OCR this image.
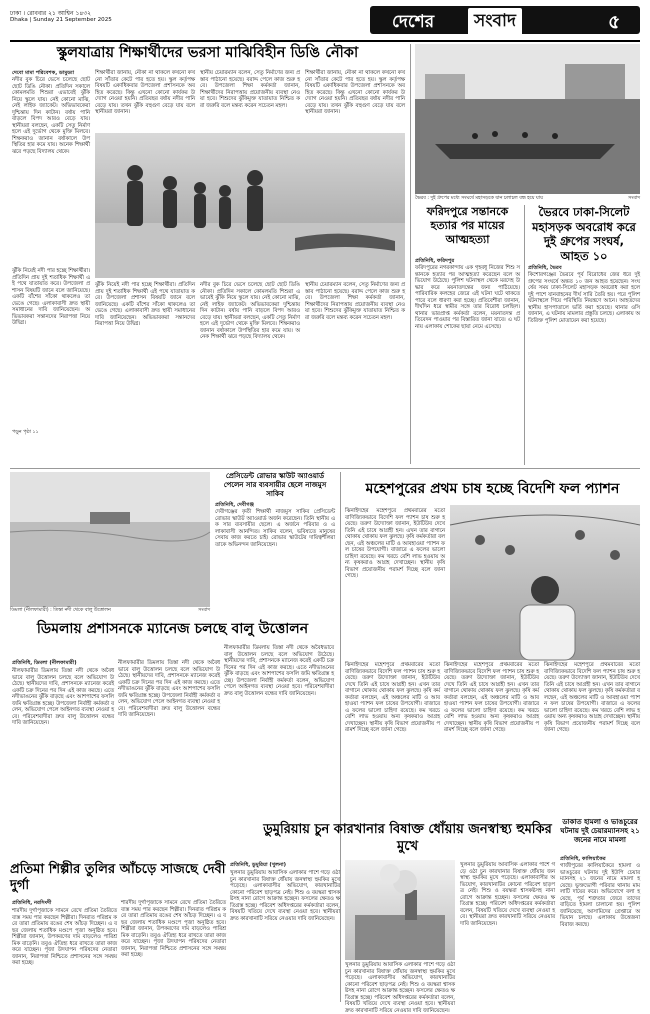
ঢাকা । রোববার ২১ আশ্বিন ১৪৩২
Dhaka | Sunday 21 September 2025	দেশের	সংবাদ	৫
স্কুলযাত্রায় শিক্ষার্থীদের ভরসা মাঝিবিহীন ডিঙি নৌকা
দেবো মামা পরিবেশক, ডামুড্যা
নদীর বুক চিরে ভেসে চলেছে ছোট ছোট ডিঙি নৌকা। প্রতিদিন সকালে কোমলমতি শিশুরা এভাবেই ঝুঁকি নিয়ে স্কুলে যায়। নেই কোনো মাঝি, নেই লাইফ জ্যাকেট। অভিভাবকেরা দুশ্চিন্তায় দিন কাটান। বর্ষায় পানি বাড়লে বিপদ আরও বেড়ে যায়। স্থানীয়রা বলছেন, একটি সেতু নির্মাণ হলে এই দুর্ভোগ থেকে মুক্তি মিলবে। শিক্ষকরাও জানান বর্ষাকালে উপস্থিতির হার কমে যায়। অনেক শিক্ষার্থী ঝরে পড়ছে বিদ্যালয় থেকে।
ঝুঁকি নিয়েই নদী পার হচ্ছে শিক্ষার্থীরা। প্রতিদিন প্রায় দুই শতাধিক শিক্ষার্থী এই পথে যাতায়াত করে। উপজেলা প্রশাসন বিষয়টি জানে বলে জানিয়েছে। একটি বাঁশের সাঁকো থাকলেও তা ভেঙে গেছে। এলাকাবাসী দ্রুত স্থায়ী সমাধানের দাবি জানিয়েছেন। অভিভাবকরা সন্তানদের নিরাপত্তা নিয়ে উদ্বিগ্ন।
শিক্ষার্থীরা জানায়, নৌকা না থাকলে কখনো কখনো সাঁতার কেটে পার হতে হয়। স্কুল কর্তৃপক্ষ বিষয়টি একাধিকবার উপজেলা প্রশাসনকে অবহিত করেছে। কিন্তু এখনো কোনো কার্যকর উদ্যোগ নেওয়া হয়নি। প্রতিবছর বর্ষায় নদীর পানি বেড়ে যায়। তখন ঝুঁকি বহুগুণ বেড়ে যায় বলে স্থানীয়রা জানান।
স্থানীয় চেয়ারম্যান বলেন, সেতু নির্মাণের জন্য প্রস্তাব পাঠানো হয়েছে। বরাদ্দ পেলে কাজ শুরু হবে। উপজেলা শিক্ষা কর্মকর্তা জানান, শিক্ষার্থীদের নিরাপত্তায় প্রয়োজনীয় ব্যবস্থা নেওয়া হবে। শিশুদের ঝুঁকিমুক্ত যাতায়াত নিশ্চিত করা জরুরি বলে মন্তব্য করেন সচেতন মহল।
শিক্ষার্থীরা জানায়, নৌকা না থাকলে কখনো কখনো সাঁতার কেটে পার হতে হয়। স্কুল কর্তৃপক্ষ বিষয়টি একাধিকবার উপজেলা প্রশাসনকে অবহিত করেছে। কিন্তু এখনো কোনো কার্যকর উদ্যোগ নেওয়া হয়নি। প্রতিবছর বর্ষায় নদীর পানি বেড়ে যায়। তখন ঝুঁকি বহুগুণ বেড়ে যায় বলে স্থানীয়রা জানান।
ঝুঁকি নিয়েই নদী পার হচ্ছে শিক্ষার্থীরা। প্রতিদিন প্রায় দুই শতাধিক শিক্ষার্থী এই পথে যাতায়াত করে। উপজেলা প্রশাসন বিষয়টি জানে বলে জানিয়েছে। একটি বাঁশের সাঁকো থাকলেও তা ভেঙে গেছে। এলাকাবাসী দ্রুত স্থায়ী সমাধানের দাবি জানিয়েছেন। অভিভাবকরা সন্তানদের নিরাপত্তা নিয়ে উদ্বিগ্ন।
নদীর বুক চিরে ভেসে চলেছে ছোট ছোট ডিঙি নৌকা। প্রতিদিন সকালে কোমলমতি শিশুরা এভাবেই ঝুঁকি নিয়ে স্কুলে যায়। নেই কোনো মাঝি, নেই লাইফ জ্যাকেট। অভিভাবকেরা দুশ্চিন্তায় দিন কাটান। বর্ষায় পানি বাড়লে বিপদ আরও বেড়ে যায়। স্থানীয়রা বলছেন, একটি সেতু নির্মাণ হলে এই দুর্ভোগ থেকে মুক্তি মিলবে। শিক্ষকরাও জানান বর্ষাকালে উপস্থিতির হার কমে যায়। অনেক শিক্ষার্থী ঝরে পড়ছে বিদ্যালয় থেকে।
স্থানীয় চেয়ারম্যান বলেন, সেতু নির্মাণের জন্য প্রস্তাব পাঠানো হয়েছে। বরাদ্দ পেলে কাজ শুরু হবে। উপজেলা শিক্ষা কর্মকর্তা জানান, শিক্ষার্থীদের নিরাপত্তায় প্রয়োজনীয় ব্যবস্থা নেওয়া হবে। শিশুদের ঝুঁকিমুক্ত যাতায়াত নিশ্চিত করা জরুরি বলে মন্তব্য করেন সচেতন মহল।
পড়ুন পৃষ্ঠা ১১
ভৈরব : দুই গ্রুপের মধ্যে সংঘর্ষে মহাসড়কে যান চলাচল বন্ধ হয়ে যায়	সংবাদ
ফরিদপুরে সন্তানকে হত্যার পর মায়ের আত্মহত্যা
প্রতিনিধি, ফরিদপুর
ফরিদপুরের নগরকান্দায় এক গৃহবধূ নিজের শিশু সন্তানকে হত্যার পর আত্মহত্যা করেছেন বলে অভিযোগ উঠেছে। পুলিশ ঘটনাস্থল থেকে মরদেহ উদ্ধার করে ময়নাতদন্তের জন্য পাঠিয়েছে। পারিবারিক কলহের জেরে এই ঘটনা ঘটে থাকতে পারে বলে ধারণা করা হচ্ছে। প্রতিবেশীরা জানান, দীর্ঘদিন ধরে স্বামীর সঙ্গে তার বিরোধ চলছিল। থানার ভারপ্রাপ্ত কর্মকর্তা বলেন, ময়নাতদন্ত প্রতিবেদন পাওয়ার পর বিস্তারিত জানা যাবে। এ ঘটনায় এলাকায় শোকের ছায়া নেমে এসেছে।
ভৈরবে ঢাকা-সিলেট মহাসড়ক অবরোধ করে দুই গ্রুপের সংঘর্ষ, আহত ১০
প্রতিনিধি, ভৈরব
কিশোরগঞ্জের ভৈরবে পূর্ব বিরোধের জের ধরে দুই গ্রুপের সংঘর্ষে অন্তত ১০ জন আহত হয়েছেন। সংঘর্ষের সময় ঢাকা-সিলেট মহাসড়ক অবরোধ করা হলে দুই পাশে যানবাহনের দীর্ঘ সারি তৈরি হয়। পরে পুলিশ ঘটনাস্থলে গিয়ে পরিস্থিতি নিয়ন্ত্রণে আনে। আহতদের স্থানীয় হাসপাতালে ভর্তি করা হয়েছে। থানার ওসি জানান, এ ঘটনায় মামলার প্রস্তুতি চলছে। এলাকায় অতিরিক্ত পুলিশ মোতায়েন করা হয়েছে।
প্রেসিডেন্ট রোভার স্কাউট অ্যাওয়ার্ড পেলেন সার ব্যবসায়ীর ছেলে নাজমুস সাকিব
প্রতিনিধি, দেবীগঞ্জ
দেবীগঞ্জের কৃতী শিক্ষার্থী নাজমুস সাকিব প্রেসিডেন্ট রোভার স্কাউট অ্যাওয়ার্ড অর্জন করেছেন। তিনি স্থানীয় এক সার ব্যবসায়ীর ছেলে। এ অর্জনে পরিবার ও এলাকাবাসী আনন্দিত। সাকিব বলেন, ভবিষ্যতে মানুষের সেবায় কাজ করতে চাই। রোভার স্কাউটের দায়িত্বশীলরা তাকে অভিনন্দন জানিয়েছেন।
ডিমলা (নীলফামারী) : তিস্তা নদী থেকে বালু উত্তোলন	সংবাদ
ডিমলায় প্রশাসনকে ম্যানেজ চলছে বালু উত্তোলন
প্রতিনিধি, ডিমলা (নীলফামারী)
নীলফামারীর ডিমলায় তিস্তা নদী থেকে অবৈধভাবে বালু উত্তোলন চলছে বলে অভিযোগ উঠেছে। স্থানীয়দের দাবি, প্রশাসনকে ম্যানেজ করেই একটি চক্র দিনের পর দিন এই কাজ করছে। এতে নদীভাঙনের ঝুঁকি বাড়ছে এবং আশপাশের ফসলি জমি ক্ষতিগ্রস্ত হচ্ছে। উপজেলা নির্বাহী কর্মকর্তা বলেন, অভিযোগ পেলে আইনগত ব্যবস্থা নেওয়া হবে। পরিবেশবাদীরা দ্রুত বালু উত্তোলন বন্ধের দাবি জানিয়েছেন।
নীলফামারীর ডিমলায় তিস্তা নদী থেকে অবৈধভাবে বালু উত্তোলন চলছে বলে অভিযোগ উঠেছে। স্থানীয়দের দাবি, প্রশাসনকে ম্যানেজ করেই একটি চক্র দিনের পর দিন এই কাজ করছে। এতে নদীভাঙনের ঝুঁকি বাড়ছে এবং আশপাশের ফসলি জমি ক্ষতিগ্রস্ত হচ্ছে। উপজেলা নির্বাহী কর্মকর্তা বলেন, অভিযোগ পেলে আইনগত ব্যবস্থা নেওয়া হবে। পরিবেশবাদীরা দ্রুত বালু উত্তোলন বন্ধের দাবি জানিয়েছেন।
নীলফামারীর ডিমলায় তিস্তা নদী থেকে অবৈধভাবে বালু উত্তোলন চলছে বলে অভিযোগ উঠেছে। স্থানীয়দের দাবি, প্রশাসনকে ম্যানেজ করেই একটি চক্র দিনের পর দিন এই কাজ করছে। এতে নদীভাঙনের ঝুঁকি বাড়ছে এবং আশপাশের ফসলি জমি ক্ষতিগ্রস্ত হচ্ছে। উপজেলা নির্বাহী কর্মকর্তা বলেন, অভিযোগ পেলে আইনগত ব্যবস্থা নেওয়া হবে। পরিবেশবাদীরা দ্রুত বালু উত্তোলন বন্ধের দাবি জানিয়েছেন।
মহেশপুরের প্রথম চাষ হচ্ছে বিদেশি ফল প্যাশন
ঝিনাইদহের মহেশপুরে প্রথমবারের মতো বাণিজ্যিকভাবে বিদেশি ফল প্যাশন চাষ শুরু হয়েছে। তরুণ উদ্যোক্তা জানান, ইউটিউব দেখে তিনি এই চাষে আগ্রহী হন। এখন তার বাগানে থোকায় থোকায় ফল ঝুলছে। কৃষি কর্মকর্তারা বলছেন, এই অঞ্চলের মাটি ও আবহাওয়া প্যাশন ফল চাষের উপযোগী। বাজারে এ ফলের ভালো চাহিদা রয়েছে। কম খরচে বেশি লাভ হওয়ায় অন্য কৃষকরাও আগ্রহ দেখাচ্ছেন। স্থানীয় কৃষি বিভাগ প্রয়োজনীয় পরামর্শ দিচ্ছে বলে জানা গেছে।
ঝিনাইদহের মহেশপুরে প্রথমবারের মতো বাণিজ্যিকভাবে বিদেশি ফল প্যাশন চাষ শুরু হয়েছে। তরুণ উদ্যোক্তা জানান, ইউটিউব দেখে তিনি এই চাষে আগ্রহী হন। এখন তার বাগানে থোকায় থোকায় ফল ঝুলছে। কৃষি কর্মকর্তারা বলছেন, এই অঞ্চলের মাটি ও আবহাওয়া প্যাশন ফল চাষের উপযোগী। বাজারে এ ফলের ভালো চাহিদা রয়েছে। কম খরচে বেশি লাভ হওয়ায় অন্য কৃষকরাও আগ্রহ দেখাচ্ছেন। স্থানীয় কৃষি বিভাগ প্রয়োজনীয় পরামর্শ দিচ্ছে বলে জানা গেছে।
ঝিনাইদহের মহেশপুরে প্রথমবারের মতো বাণিজ্যিকভাবে বিদেশি ফল প্যাশন চাষ শুরু হয়েছে। তরুণ উদ্যোক্তা জানান, ইউটিউব দেখে তিনি এই চাষে আগ্রহী হন। এখন তার বাগানে থোকায় থোকায় ফল ঝুলছে। কৃষি কর্মকর্তারা বলছেন, এই অঞ্চলের মাটি ও আবহাওয়া প্যাশন ফল চাষের উপযোগী। বাজারে এ ফলের ভালো চাহিদা রয়েছে। কম খরচে বেশি লাভ হওয়ায় অন্য কৃষকরাও আগ্রহ দেখাচ্ছেন। স্থানীয় কৃষি বিভাগ প্রয়োজনীয় পরামর্শ দিচ্ছে বলে জানা গেছে।
ঝিনাইদহের মহেশপুরে প্রথমবারের মতো বাণিজ্যিকভাবে বিদেশি ফল প্যাশন চাষ শুরু হয়েছে। তরুণ উদ্যোক্তা জানান, ইউটিউব দেখে তিনি এই চাষে আগ্রহী হন। এখন তার বাগানে থোকায় থোকায় ফল ঝুলছে। কৃষি কর্মকর্তারা বলছেন, এই অঞ্চলের মাটি ও আবহাওয়া প্যাশন ফল চাষের উপযোগী। বাজারে এ ফলের ভালো চাহিদা রয়েছে। কম খরচে বেশি লাভ হওয়ায় অন্য কৃষকরাও আগ্রহ দেখাচ্ছেন। স্থানীয় কৃষি বিভাগ প্রয়োজনীয় পরামর্শ দিচ্ছে বলে জানা গেছে।
ডাকাত হামলা ও ভাঙচুরের ঘটনায় দুই চেয়ারম্যানসহ ২১ জনের নামে মামলা
প্রতিনিধি, কালিয়াকৈর
গাজীপুরের কালিয়াকৈরে হামলা ও ভাঙচুরের ঘটনায় দুই ইউপি চেয়ারম্যানসহ ২১ জনের নামে মামলা হয়েছে। ভুক্তভোগী পরিবার থানায় মামলাটি দায়ের করে। অভিযোগে বলা হয়েছে, পূর্ব শত্রুতার জেরে তাদের বাড়িতে হামলা চালানো হয়। পুলিশ জানিয়েছে, আসামিদের গ্রেপ্তারে অভিযান চলছে। এলাকায় উত্তেজনা বিরাজ করছে।
ডুমুরিয়ায় চুন কারখানার বিষাক্ত ধোঁয়ায় জনস্বাস্থ্য হুমকির মুখে
প্রতিনিধি, ডুমুরিয়া (খুলনা)
খুলনার ডুমুরিয়ায় আবাসিক এলাকার পাশে গড়ে ওঠা চুন কারখানার বিষাক্ত ধোঁয়ায় জনস্বাস্থ্য হুমকির মুখে পড়েছে। এলাকাবাসীর অভিযোগ, কারখানাটির কোনো পরিবেশ ছাড়পত্র নেই। শিশু ও বয়স্করা শ্বাসকষ্টসহ নানা রোগে আক্রান্ত হচ্ছেন। ফসলের ক্ষেতও ক্ষতিগ্রস্ত হচ্ছে। পরিবেশ অধিদপ্তরের কর্মকর্তারা বলেন, বিষয়টি খতিয়ে দেখে ব্যবস্থা নেওয়া হবে। স্থানীয়রা দ্রুত কারখানাটি সরিয়ে নেওয়ার দাবি জানিয়েছেন।
খুলনার ডুমুরিয়ায় আবাসিক এলাকার পাশে গড়ে ওঠা চুন কারখানার বিষাক্ত ধোঁয়ায় জনস্বাস্থ্য হুমকির মুখে পড়েছে। এলাকাবাসীর অভিযোগ, কারখানাটির কোনো পরিবেশ ছাড়পত্র নেই। শিশু ও বয়স্করা শ্বাসকষ্টসহ নানা রোগে আক্রান্ত হচ্ছেন। ফসলের ক্ষেতও ক্ষতিগ্রস্ত হচ্ছে। পরিবেশ অধিদপ্তরের কর্মকর্তারা বলেন, বিষয়টি খতিয়ে দেখে ব্যবস্থা নেওয়া হবে। স্থানীয়রা দ্রুত কারখানাটি সরিয়ে নেওয়ার দাবি জানিয়েছেন।
খুলনার ডুমুরিয়ায় আবাসিক এলাকার পাশে গড়ে ওঠা চুন কারখানার বিষাক্ত ধোঁয়ায় জনস্বাস্থ্য হুমকির মুখে পড়েছে। এলাকাবাসীর অভিযোগ, কারখানাটির কোনো পরিবেশ ছাড়পত্র নেই। শিশু ও বয়স্করা শ্বাসকষ্টসহ নানা রোগে আক্রান্ত হচ্ছেন। ফসলের ক্ষেতও ক্ষতিগ্রস্ত হচ্ছে। পরিবেশ অধিদপ্তরের কর্মকর্তারা বলেন, বিষয়টি খতিয়ে দেখে ব্যবস্থা নেওয়া হবে। স্থানীয়রা দ্রুত কারখানাটি সরিয়ে নেওয়ার দাবি জানিয়েছেন।
প্রতিমা শিল্পীর তুলির আঁচড়ে সাজছে দেবী দুর্গা
প্রতিনিধি, নরসিংদী
শারদীয় দুর্গাপূজাকে সামনে রেখে প্রতিমা তৈরিতে ব্যস্ত সময় পার করছেন শিল্পীরা। দিনরাত পরিশ্রম করে তারা প্রতিমায় রঙের শেষ আঁচড় দিচ্ছেন। এ বছর জেলায় শতাধিক মণ্ডপে পূজা অনুষ্ঠিত হবে। শিল্পীরা জানান, উপকরণের দাম বাড়লেও পারিশ্রমিক বাড়েনি। তবুও ঐতিহ্য ধরে রাখতে তারা কাজ করে যাচ্ছেন। পূজা উদযাপন পরিষদের নেতারা জানান, নিরাপত্তা নিশ্চিতে প্রশাসনের সঙ্গে সমন্বয় করা হচ্ছে।
শারদীয় দুর্গাপূজাকে সামনে রেখে প্রতিমা তৈরিতে ব্যস্ত সময় পার করছেন শিল্পীরা। দিনরাত পরিশ্রম করে তারা প্রতিমায় রঙের শেষ আঁচড় দিচ্ছেন। এ বছর জেলায় শতাধিক মণ্ডপে পূজা অনুষ্ঠিত হবে। শিল্পীরা জানান, উপকরণের দাম বাড়লেও পারিশ্রমিক বাড়েনি। তবুও ঐতিহ্য ধরে রাখতে তারা কাজ করে যাচ্ছেন। পূজা উদযাপন পরিষদের নেতারা জানান, নিরাপত্তা নিশ্চিতে প্রশাসনের সঙ্গে সমন্বয় করা হচ্ছে।
